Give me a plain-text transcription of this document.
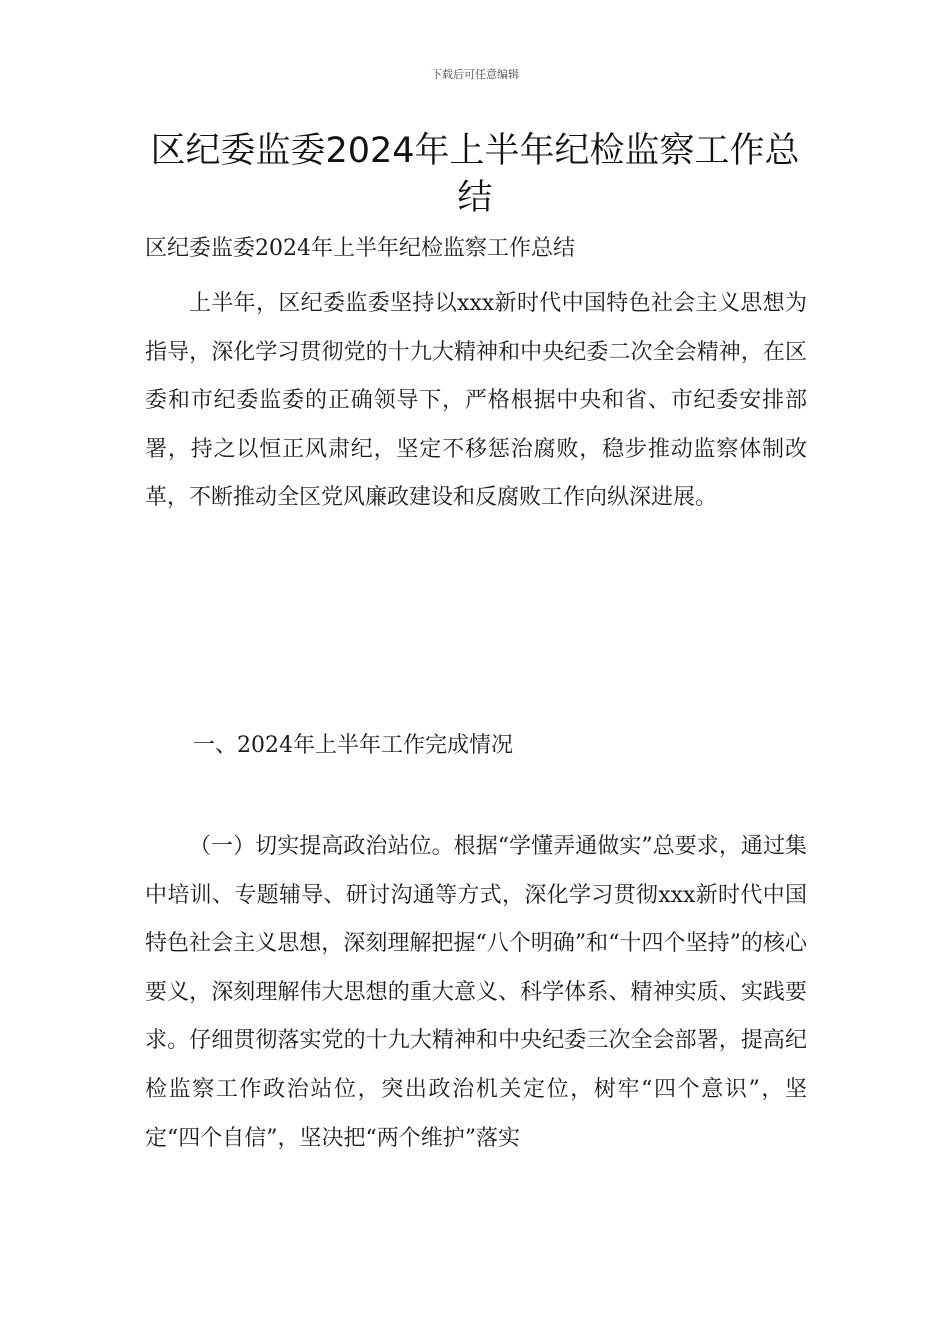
下载后可任意编辑
区纪委监委2024年上半年纪检监察工作总结

区纪委监委2024年上半年纪检监察工作总结

上半年，区纪委监委坚持以xxx新时代中国特色社会主义思想为指导，深化学习贯彻党的十九大精神和中央纪委二次全会精神，在区委和市纪委监委的正确领导下，严格根据中央和省、市纪委安排部署，持之以恒正风肃纪，坚定不移惩治腐败，稳步推动监察体制改革，不断推动全区党风廉政建设和反腐败工作向纵深进展。

一、2024年上半年工作完成情况

（一）切实提高政治站位。根据“学懂弄通做实”总要求，通过集中培训、专题辅导、研讨沟通等方式，深化学习贯彻xxx新时代中国特色社会主义思想，深刻理解把握“八个明确”和“十四个坚持”的核心要义，深刻理解伟大思想的重大意义、科学体系、精神实质、实践要求。仔细贯彻落实党的十九大精神和中央纪委三次全会部署，提高纪检监察工作政治站位，突出政治机关定位，树牢“四个意识”，坚定“四个自信”，坚决把“两个维护”落实
